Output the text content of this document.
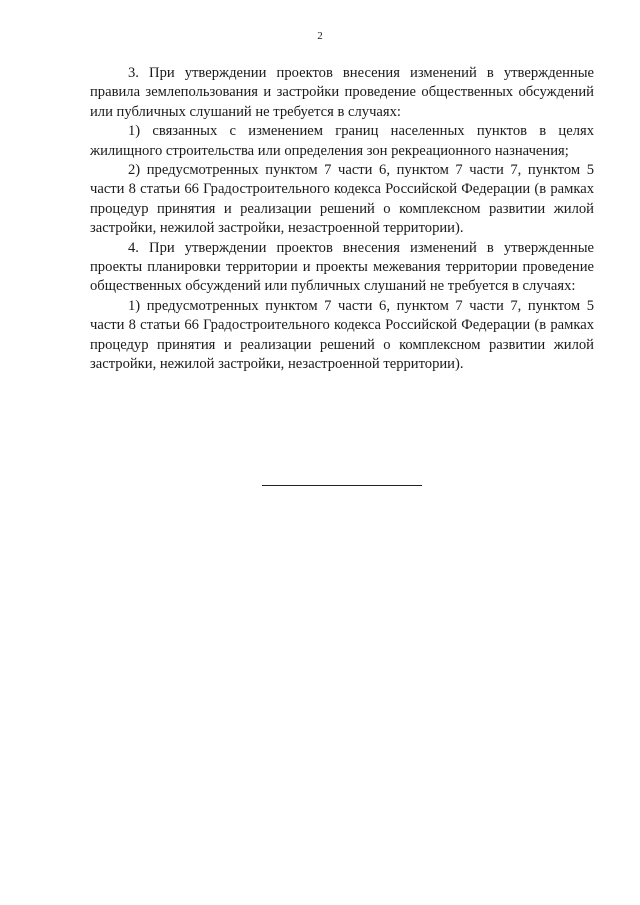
2

3. При утверждении проектов внесения изменений в утвержденные правила землепользования и застройки проведение общественных обсуждений или публичных слушаний не требуется в случаях:

1) связанных с изменением границ населенных пунктов в целях жилищного строительства или определения зон рекреационного назначения;

2) предусмотренных пунктом 7 части 6, пунктом 7 части 7, пунктом 5 части 8 статьи 66 Градостроительного кодекса Российской Федерации (в рамках процедур принятия и реализации решений о комплексном развитии жилой застройки, нежилой застройки, незастроенной территории).

4. При утверждении проектов внесения изменений в утвержденные проекты планировки территории и проекты межевания территории проведение общественных обсуждений или публичных слушаний не требуется в случаях:

1) предусмотренных пунктом 7 части 6, пунктом 7 части 7, пунктом 5 части 8 статьи 66 Градостроительного кодекса Российской Федерации (в рамках процедур принятия и реализации решений о комплексном развитии жилой застройки, нежилой застройки, незастроенной территории).
